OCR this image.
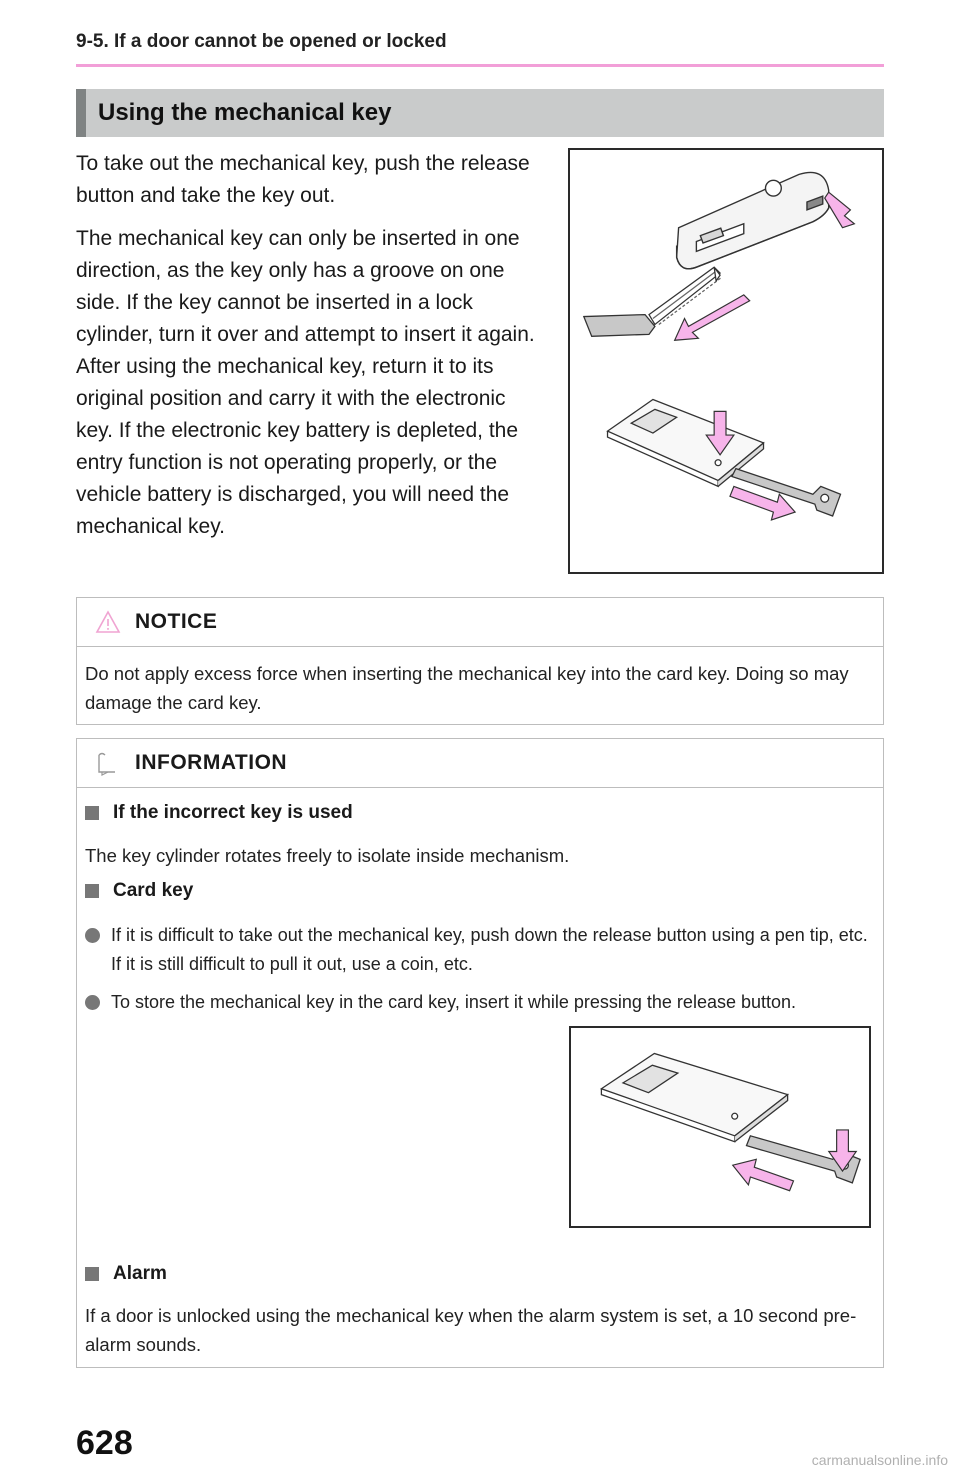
9-5. If a door cannot be opened or locked
Using the mechanical key

To take out the mechanical key, push the release button and take the key out.

The mechanical key can only be inserted in one direction, as the key only has a groove on one side. If the key cannot be inserted in a lock cylinder, turn it over and attempt to insert it again.

After using the mechanical key, return it to its original position and carry it with the electronic key. If the electronic key battery is depleted, the entry function is not operating properly, or the vehicle battery is discharged, you will need the mechanical key.

NOTICE
Do not apply excess force when inserting the mechanical key into the card key. Doing so may damage the card key.
INFORMATION
If the incorrect key is used
The key cylinder rotates freely to isolate inside mechanism.
Card key
If it is difficult to take out the mechanical key, push down the release button using a pen tip, etc. If it is still difficult to pull it out, use a coin, etc.
To store the mechanical key in the card key, insert it while pressing the release button.
Alarm
If a door is unlocked using the mechanical key when the alarm system is set, a 10 second pre-alarm sounds.
628	carmanualsonline.info
